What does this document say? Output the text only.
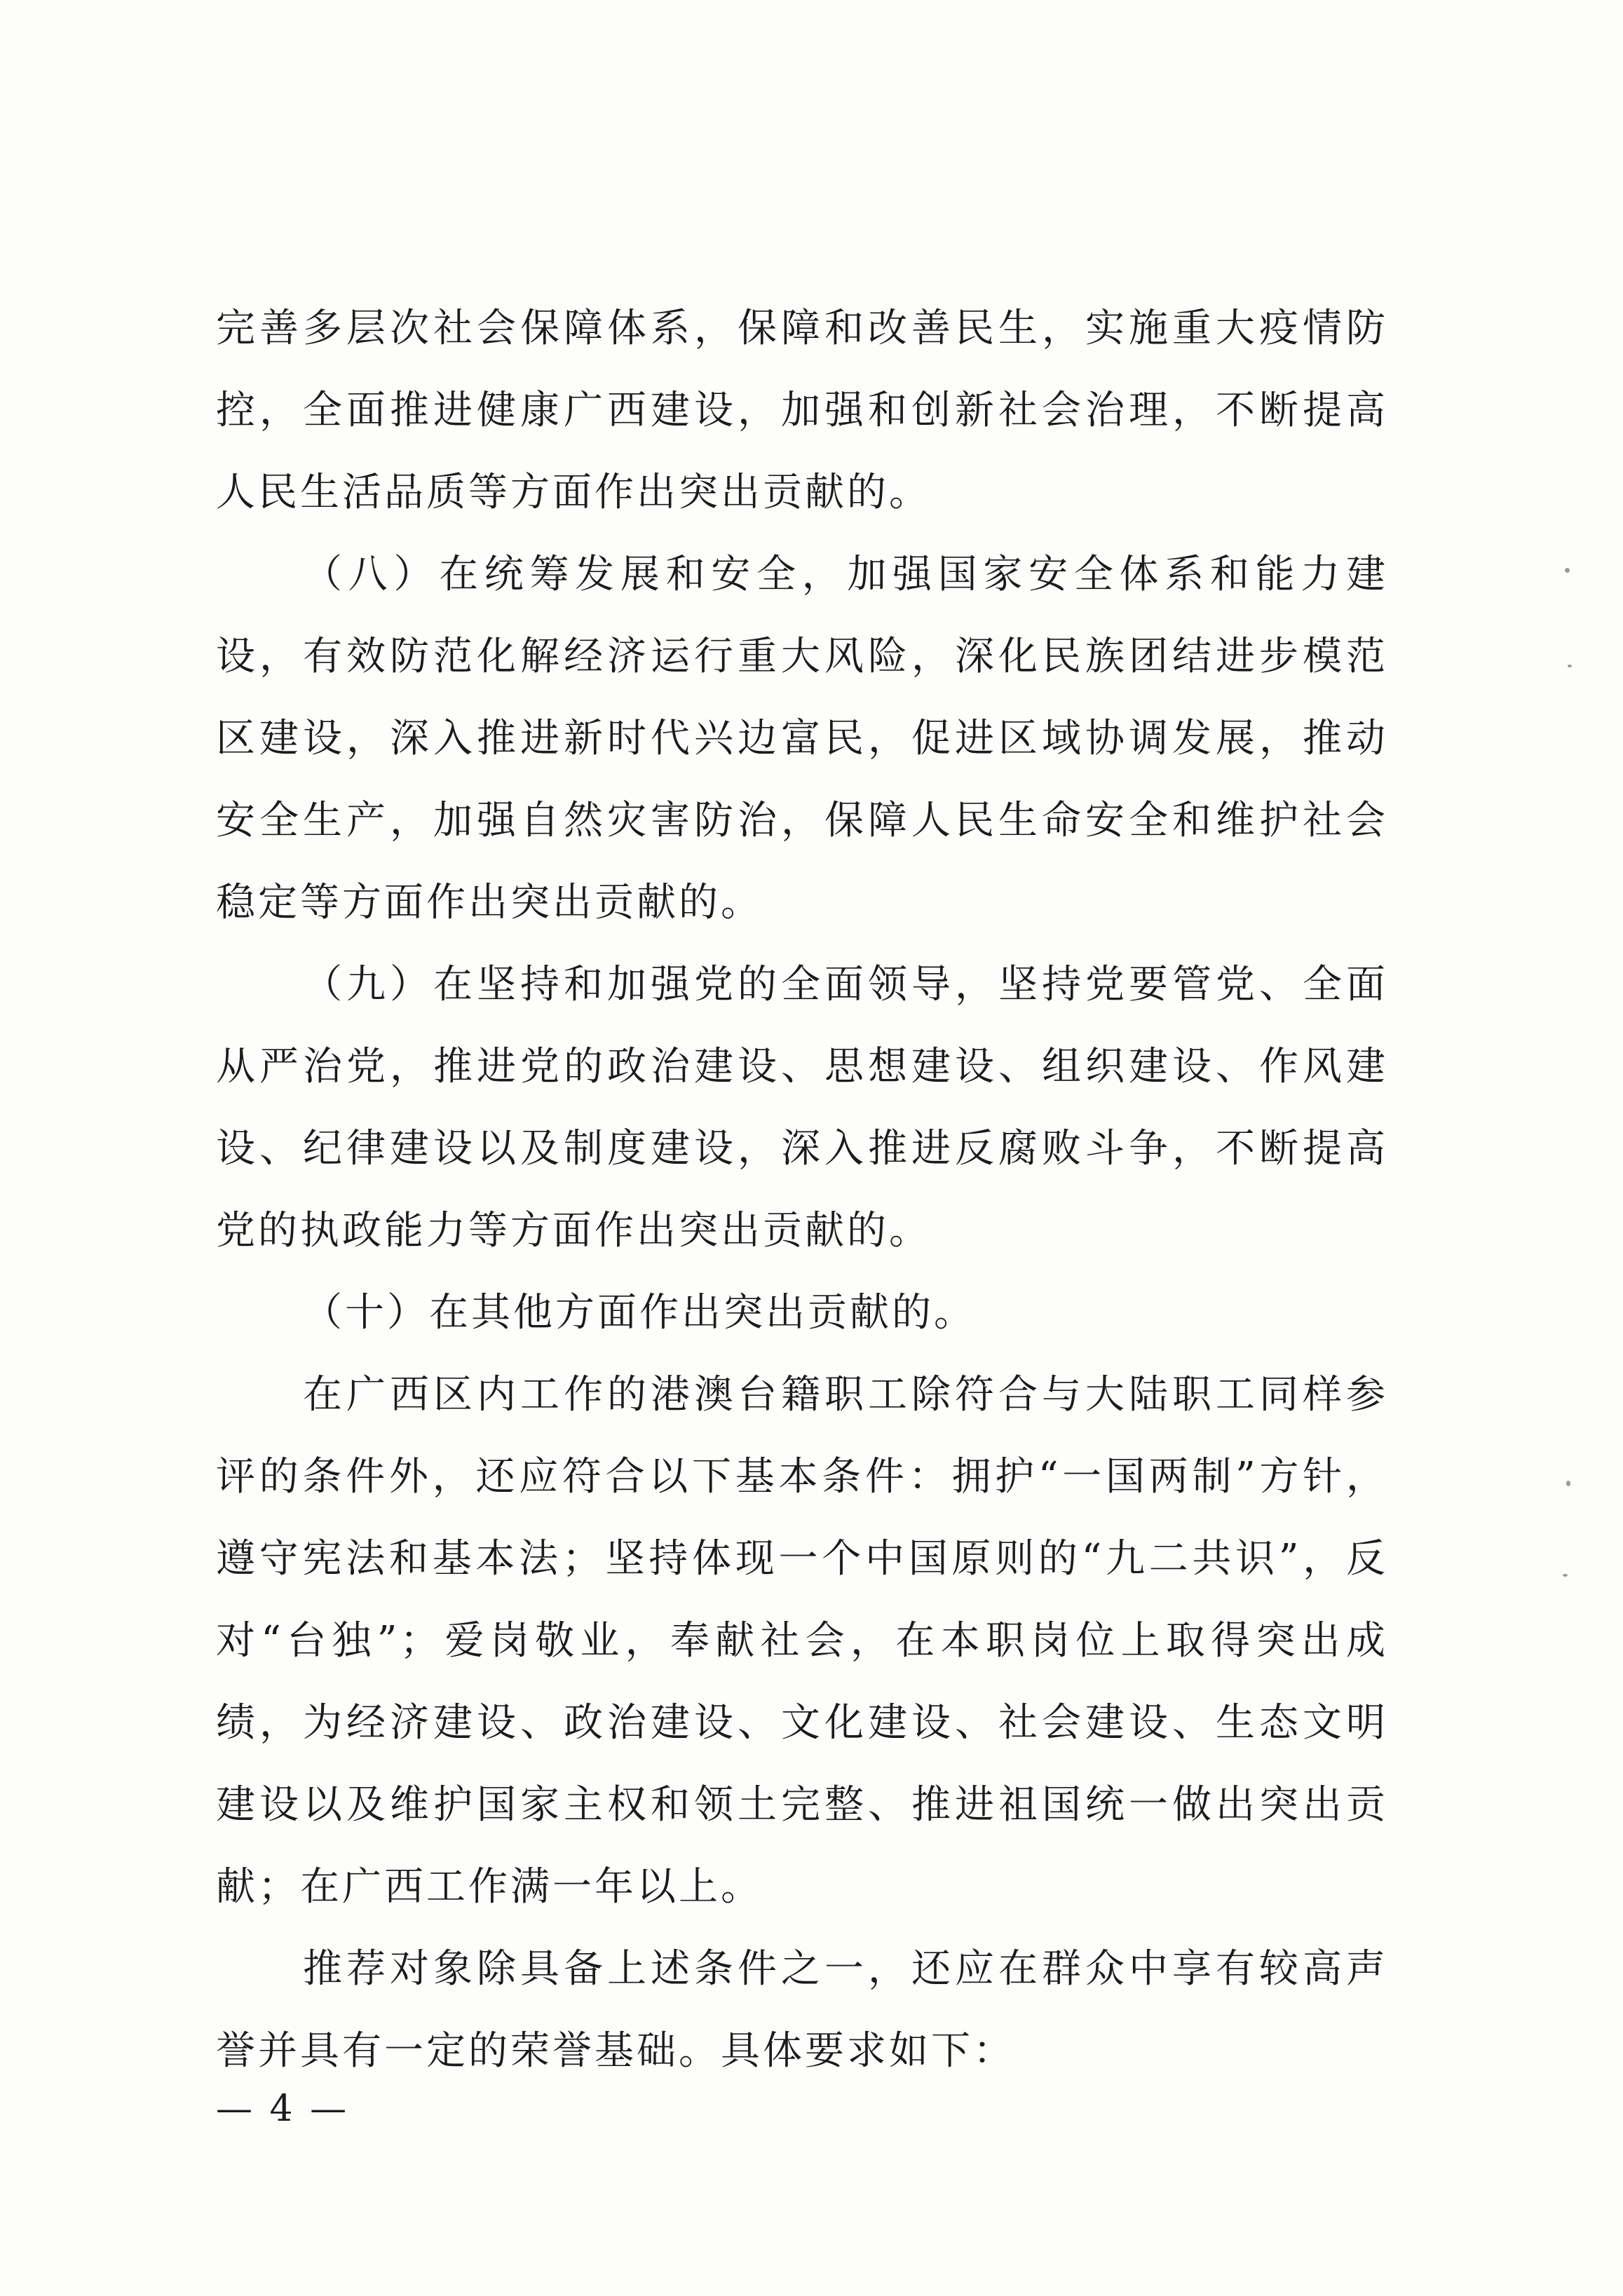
完善多层次社会保障体系，保障和改善民生，实施重大疫情防控，全面推进健康广西建设，加强和创新社会治理，不断提高人民生活品质等方面作出突出贡献的。

（八）在统筹发展和安全，加强国家安全体系和能力建设，有效防范化解经济运行重大风险，深化民族团结进步模范区建设，深入推进新时代兴边富民，促进区域协调发展，推动安全生产，加强自然灾害防治，保障人民生命安全和维护社会稳定等方面作出突出贡献的。

（九）在坚持和加强党的全面领导，坚持党要管党、全面从严治党，推进党的政治建设、思想建设、组织建设、作风建设、纪律建设以及制度建设，深入推进反腐败斗争，不断提高党的执政能力等方面作出突出贡献的。

（十）在其他方面作出突出贡献的。

在广西区内工作的港澳台籍职工除符合与大陆职工同样参评的条件外，还应符合以下基本条件：拥护“一国两制”方针，遵守宪法和基本法；坚持体现一个中国原则的“九二共识”，反对“台独”；爱岗敬业，奉献社会，在本职岗位上取得突出成绩，为经济建设、政治建设、文化建设、社会建设、生态文明建设以及维护国家主权和领土完整、推进祖国统一做出突出贡献；在广西工作满一年以上。

推荐对象除具备上述条件之一，还应在群众中享有较高声誉并具有一定的荣誉基础。具体要求如下：

— 4 —
